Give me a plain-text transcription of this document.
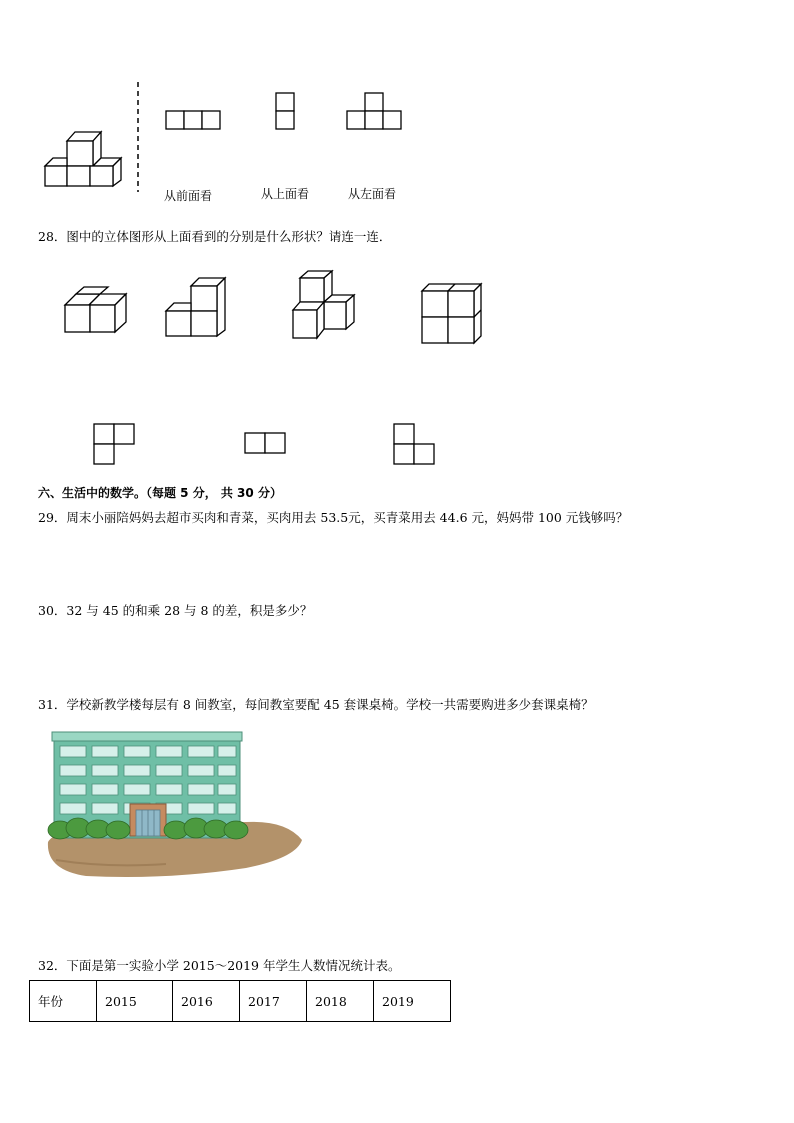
从前面看	从上面看	从左面看
28．图中的立体图形从上面看到的分别是什么形状？请连一连．
六、生活中的数学。（每题 5 分， 共 30 分）
29．周末小丽陪妈妈去超市买肉和青菜，买肉用去 53.5元，买青菜用去 44.6 元，妈妈带 100 元钱够吗？
30．32 与 45 的和乘 28 与 8 的差，积是多少？
31．学校新教学楼每层有 8 间教室，每间教室要配 45 套课桌椅。学校一共需要购进多少套课桌椅？
32．下面是第一实验小学 2015～2019 年学生人数情况统计表。
年份	2015	2016	2017	2018	2019
